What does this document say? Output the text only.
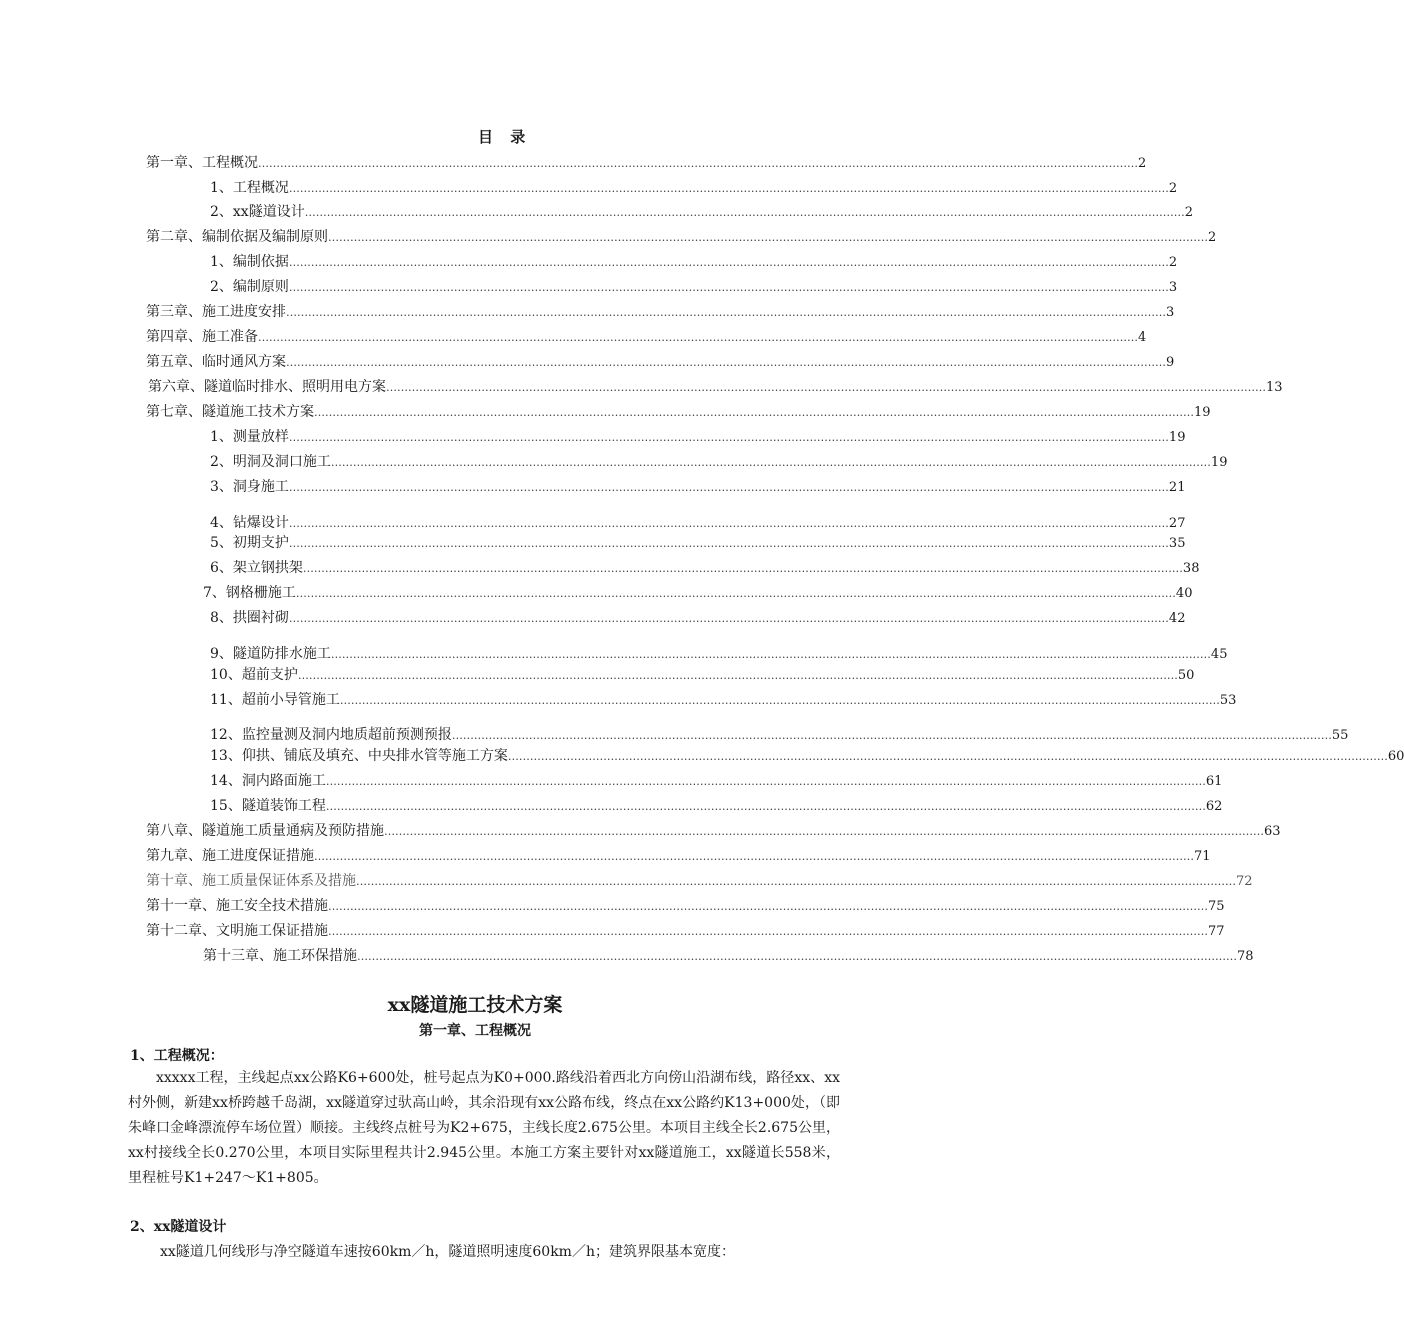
目 录
第一章、工程概况 …………………………………………………………………………………………………………………………………………………………………………………………………………………… 2
1、工程概况 …………………………………………………………………………………………………………………………………………………………………………………………………………………… 2
2、xx隧道设计 …………………………………………………………………………………………………………………………………………………………………………………………………………………… 2
第二章、编制依据及编制原则 …………………………………………………………………………………………………………………………………………………………………………………………………………………… 2
1、编制依据 …………………………………………………………………………………………………………………………………………………………………………………………………………………… 2
2、编制原则 …………………………………………………………………………………………………………………………………………………………………………………………………………………… 3
第三章、施工进度安排 …………………………………………………………………………………………………………………………………………………………………………………………………………………… 3
第四章、施工准备 …………………………………………………………………………………………………………………………………………………………………………………………………………………… 4
第五章、临时通风方案 …………………………………………………………………………………………………………………………………………………………………………………………………………………… 9
第六章、隧道临时排水、照明用电方案 …………………………………………………………………………………………………………………………………………………………………………………………………………………… 13
第七章、隧道施工技术方案 …………………………………………………………………………………………………………………………………………………………………………………………………………………… 19
1、测量放样 …………………………………………………………………………………………………………………………………………………………………………………………………………………… 19
2、明洞及洞口施工 …………………………………………………………………………………………………………………………………………………………………………………………………………………… 19
3、洞身施工 …………………………………………………………………………………………………………………………………………………………………………………………………………………… 21
4、钻爆设计 …………………………………………………………………………………………………………………………………………………………………………………………………………………… 27
5、初期支护 …………………………………………………………………………………………………………………………………………………………………………………………………………………… 35
6、架立钢拱架 …………………………………………………………………………………………………………………………………………………………………………………………………………………… 38
7、钢格栅施工 …………………………………………………………………………………………………………………………………………………………………………………………………………………… 40
8、拱圈衬砌 …………………………………………………………………………………………………………………………………………………………………………………………………………………… 42
9、隧道防排水施工 …………………………………………………………………………………………………………………………………………………………………………………………………………………… 45
10、超前支护 …………………………………………………………………………………………………………………………………………………………………………………………………………………… 50
11、超前小导管施工 …………………………………………………………………………………………………………………………………………………………………………………………………………………… 53
12、监控量测及洞内地质超前预测预报 …………………………………………………………………………………………………………………………………………………………………………………………………………………… 55
13、仰拱、铺底及填充、中央排水管等施工方案 …………………………………………………………………………………………………………………………………………………………………………………………………………………… 60
14、洞内路面施工 …………………………………………………………………………………………………………………………………………………………………………………………………………………… 61
15、隧道装饰工程 …………………………………………………………………………………………………………………………………………………………………………………………………………………… 62
第八章、隧道施工质量通病及预防措施 …………………………………………………………………………………………………………………………………………………………………………………………………………………… 63
第九章、施工进度保证措施 …………………………………………………………………………………………………………………………………………………………………………………………………………………… 71
第十章、施工质量保证体系及措施 …………………………………………………………………………………………………………………………………………………………………………………………………………………… 72
第十一章、施工安全技术措施 …………………………………………………………………………………………………………………………………………………………………………………………………………………… 75
第十二章、文明施工保证措施 …………………………………………………………………………………………………………………………………………………………………………………………………………………… 77
第十三章、施工环保措施 …………………………………………………………………………………………………………………………………………………………………………………………………………………… 78
xx隧道施工技术方案
第一章、工程概况
1、工程概况：
xxxxx工程，主线起点xx公路K6+600处，桩号起点为K0+000.路线沿着西北方向傍山沿湖布线，路径xx、xx村外侧，新建xx桥跨越千岛湖，xx隧道穿过驮高山岭，其余沿现有xx公路布线，终点在xx公路约K13+000处，（即朱峰口金峰漂流停车场位置）顺接。主线终点桩号为K2+675，主线长度2.675公里。本项目主线全长2.675公里，xx村接线全长0.270公里，本项目实际里程共计2.945公里。本施工方案主要针对xx隧道施工，xx隧道长558米，里程桩号K1+247～K1+805。
2、xx隧道设计
xx隧道几何线形与净空隧道车速按60km／h，隧道照明速度60km／h；建筑界限基本宽度：
